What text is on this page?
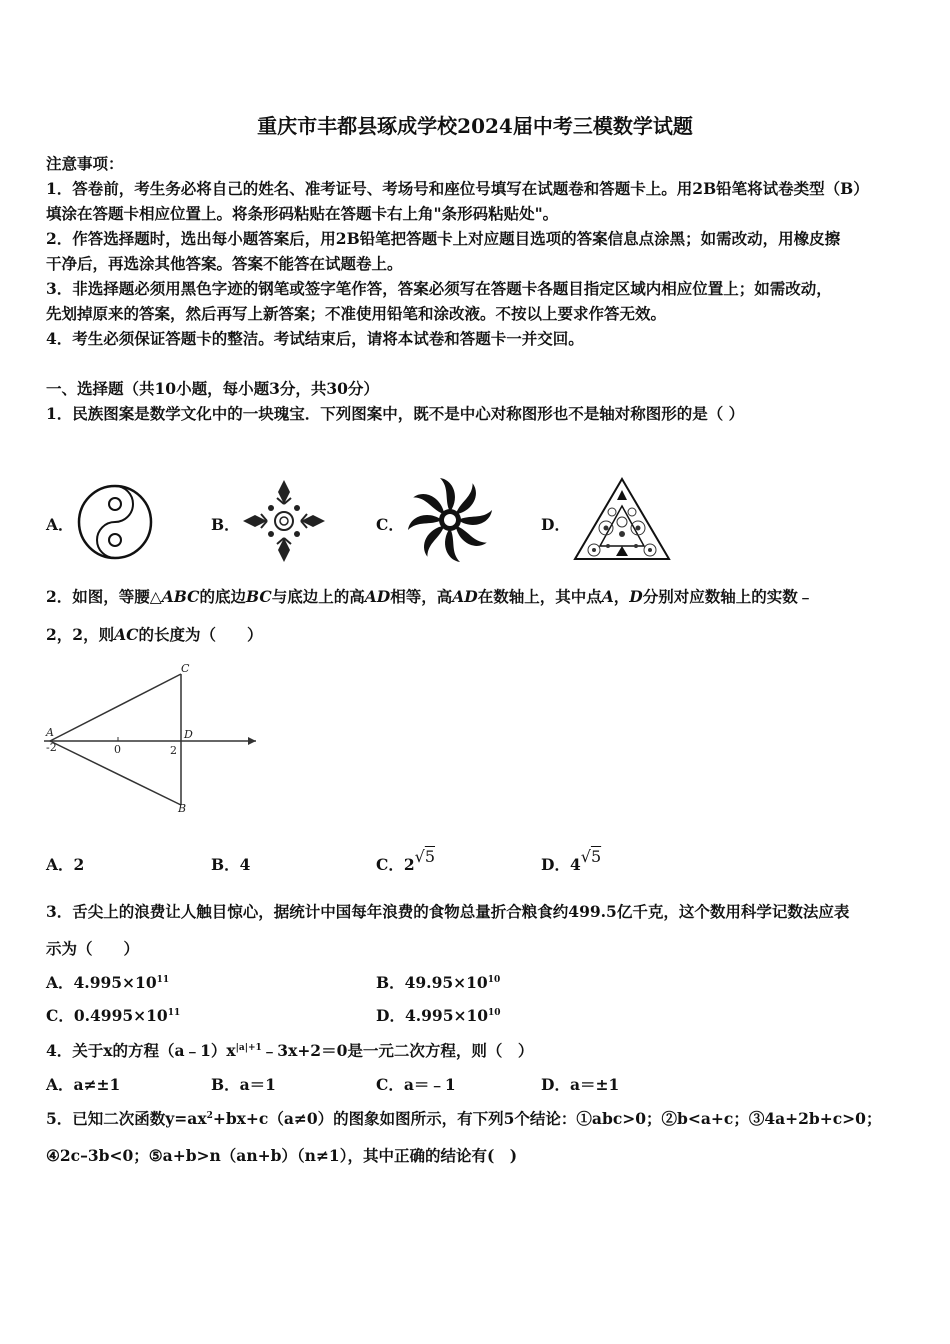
重庆市丰都县琢成学校2024届中考三模数学试题
注意事项：
1．答卷前，考生务必将自己的姓名、准考证号、考场号和座位号填写在试题卷和答题卡上。用2B铅笔将试卷类型（B）
填涂在答题卡相应位置上。将条形码粘贴在答题卡右上角"条形码粘贴处"。
2．作答选择题时，选出每小题答案后，用2B铅笔把答题卡上对应题目选项的答案信息点涂黑；如需改动，用橡皮擦
干净后，再选涂其他答案。答案不能答在试题卷上。
3．非选择题必须用黑色字迹的钢笔或签字笔作答，答案必须写在答题卡各题目指定区域内相应位置上；如需改动，
先划掉原来的答案，然后再写上新答案；不准使用铅笔和涂改液。不按以上要求作答无效。
4．考生必须保证答题卡的整洁。考试结束后，请将本试卷和答题卡一并交回。
一、选择题（共10小题，每小题3分，共30分）
1．民族图案是数学文化中的一块瑰宝．下列图案中，既不是中心对称图形也不是轴对称图形的是（ ）
A．	B．	C．	D．
2．如图，等腰△ABC的底边BC与底边上的高AD相等，高AD在数轴上，其中点A，D分别对应数轴上的实数﹣
2，2，则AC的长度为（　　）
C
A	D
B
-2	0	2
A．2	B．4	C．2√5	D．4√5
3．舌尖上的浪费让人触目惊心，据统计中国每年浪费的食物总量折合粮食约499.5亿千克，这个数用科学记数法应表
示为（　　）
A．$4.995\times 10^{11}$	B．$49.95\times 10^{10}$
C．$0.4995\times 10^{11}$	D．$4.995\times 10^{10}$
4．关于x的方程$(a﹣1)x^{|a|+1}﹣3x+2=0$是一元二次方程，则（　）
A．a≠±1	B．a＝1	C．a＝﹣1	D．a＝±1
5．已知二次函数$y=ax^2+bx+c(a\ne 0)$的图象如图所示，有下列5个结论：①abc>0；②b<a+c；③4a+2b+c>0；
④2c–3b<0；⑤a+b>n（an+b）（n≠1），其中正确的结论有(　)
